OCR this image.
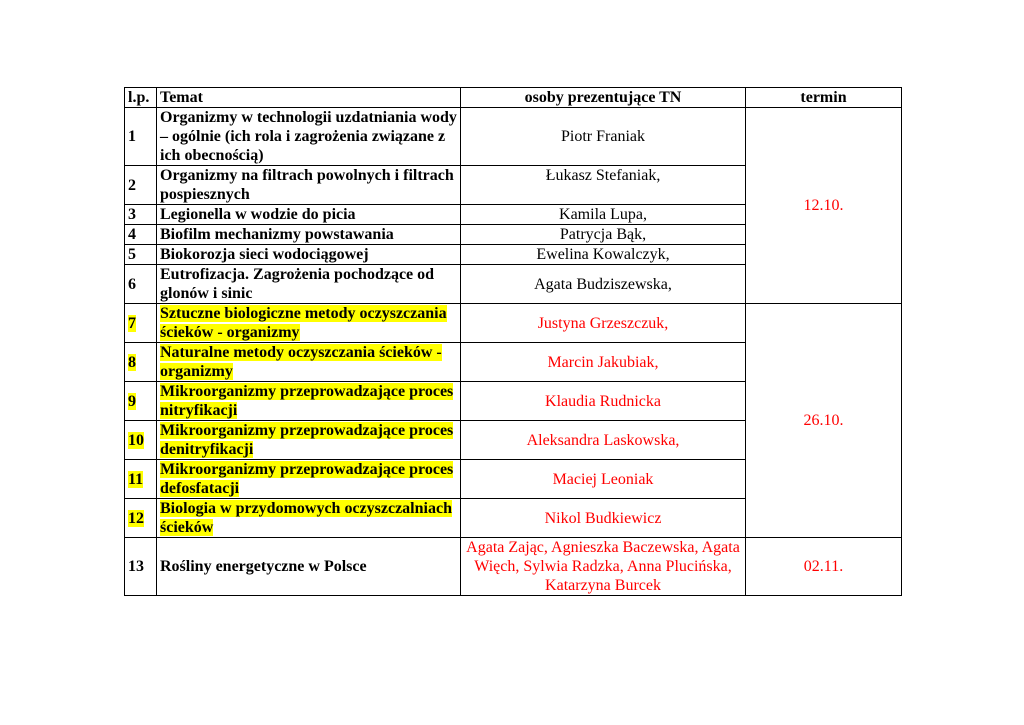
l.p.	Temat	osoby prezentujące TN	termin
1	Organizmy w technologii uzdatniania wody – ogólnie (ich rola i zagrożenia związane z ich obecnością)	Piotr Franiak	12.10.
2	Organizmy na filtrach powolnych i filtrach pospiesznych	Łukasz Stefaniak,	
3	Legionella w wodzie do picia	Kamila Lupa,	
4	Biofilm mechanizmy powstawania	Patrycja Bąk,	
5	Biokorozja sieci wodociągowej	Ewelina Kowalczyk,	
6	Eutrofizacja. Zagrożenia pochodzące od glonów i sinic	Agata Budziszewska,	
7	Sztuczne biologiczne metody oczyszczania ścieków - organizmy	Justyna Grzeszczuk,	26.10.
8	Naturalne metody oczyszczania ścieków - organizmy	Marcin Jakubiak,	
9	Mikroorganizmy przeprowadzające proces nitryfikacji	Klaudia Rudnicka	
10	Mikroorganizmy przeprowadzające proces denitryfikacji	Aleksandra Laskowska,	
11	Mikroorganizmy przeprowadzające proces defosfatacji	Maciej Leoniak	
12	Biologia w przydomowych oczyszczalniach ścieków	Nikol Budkiewicz	
13	Rośliny energetyczne w Polsce	Agata Zając, Agnieszka Baczewska, Agata Więch, Sylwia Radzka, Anna Plucińska, Katarzyna Burcek	02.11.
